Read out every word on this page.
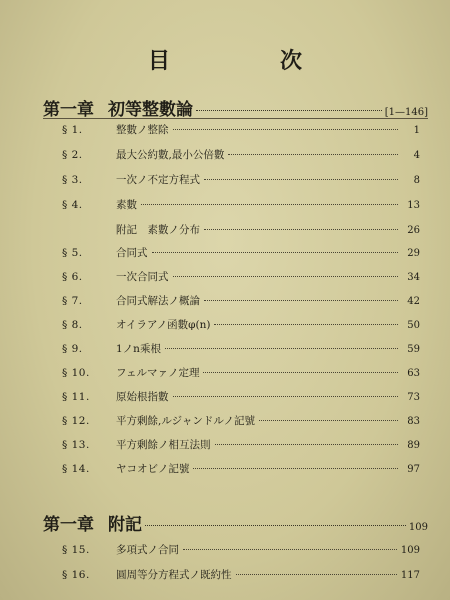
目　次
第一章 初等整數論	[1—146]
§ 1.	整數ノ整除	1
§ 2.	最大公約數,最小公倍數	4
§ 3.	一次ノ不定方程式	8
§ 4.	素數	13
附記　素數ノ分布	26
§ 5.	合同式	29
§ 6.	一次合同式	34
§ 7.	合同式解法ノ概論	42
§ 8.	オイラアノ函數φ(n)	50
§ 9.	1ノn乘根	59
§ 10.	フェルマァノ定理	63
§ 11.	原始根指數	73
§ 12.	平方剰餘,ルジャンドルノ記號	83
§ 13.	平方剰餘ノ相互法則	89
§ 14.	ヤコオビノ記號	97
第一章 附記	109
§ 15.	多項式ノ合同	109
§ 16.	圓周等分方程式ノ既約性	117
